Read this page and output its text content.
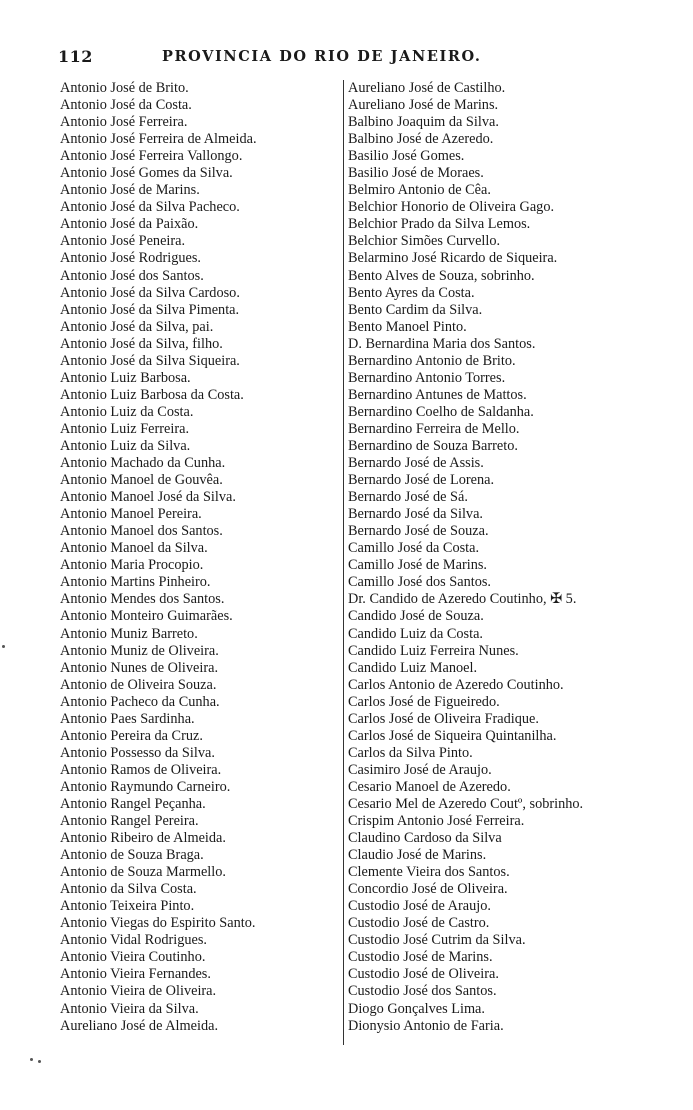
112	PROVINCIA DO RIO DE JANEIRO.
Antonio José de Brito.
Antonio José da Costa.
Antonio José Ferreira.
Antonio José Ferreira de Almeida.
Antonio José Ferreira Vallongo.
Antonio José Gomes da Silva.
Antonio José de Marins.
Antonio José da Silva Pacheco.
Antonio José da Paixão.
Antonio José Peneira.
Antonio José Rodrigues.
Antonio José dos Santos.
Antonio José da Silva Cardoso.
Antonio José da Silva Pimenta.
Antonio José da Silva, pai.
Antonio José da Silva, filho.
Antonio José da Silva Siqueira.
Antonio Luiz Barbosa.
Antonio Luiz Barbosa da Costa.
Antonio Luiz da Costa.
Antonio Luiz Ferreira.
Antonio Luiz da Silva.
Antonio Machado da Cunha.
Antonio Manoel de Gouvêa.
Antonio Manoel José da Silva.
Antonio Manoel Pereira.
Antonio Manoel dos Santos.
Antonio Manoel da Silva.
Antonio Maria Procopio.
Antonio Martins Pinheiro.
Antonio Mendes dos Santos.
Antonio Monteiro Guimarães.
Antonio Muniz Barreto.
Antonio Muniz de Oliveira.
Antonio Nunes de Oliveira.
Antonio de Oliveira Souza.
Antonio Pacheco da Cunha.
Antonio Paes Sardinha.
Antonio Pereira da Cruz.
Antonio Possesso da Silva.
Antonio Ramos de Oliveira.
Antonio Raymundo Carneiro.
Antonio Rangel Peçanha.
Antonio Rangel Pereira.
Antonio Ribeiro de Almeida.
Antonio de Souza Braga.
Antonio de Souza Marmello.
Antonio da Silva Costa.
Antonio Teixeira Pinto.
Antonio Viegas do Espirito Santo.
Antonio Vidal Rodrigues.
Antonio Vieira Coutinho.
Antonio Vieira Fernandes.
Antonio Vieira de Oliveira.
Antonio Vieira da Silva.
Aureliano José de Almeida.
Aureliano José de Castilho.
Aureliano José de Marins.
Balbino Joaquim da Silva.
Balbino José de Azeredo.
Basilio José Gomes.
Basilio José de Moraes.
Belmiro Antonio de Cêa.
Belchior Honorio de Oliveira Gago.
Belchior Prado da Silva Lemos.
Belchior Simões Curvello.
Belarmino José Ricardo de Siqueira.
Bento Alves de Souza, sobrinho.
Bento Ayres da Costa.
Bento Cardim da Silva.
Bento Manoel Pinto.
D. Bernardina Maria dos Santos.
Bernardino Antonio de Brito.
Bernardino Antonio Torres.
Bernardino Antunes de Mattos.
Bernardino Coelho de Saldanha.
Bernardino Ferreira de Mello.
Bernardino de Souza Barreto.
Bernardo José de Assis.
Bernardo José de Lorena.
Bernardo José de Sá.
Bernardo José da Silva.
Bernardo José de Souza.
Camillo José da Costa.
Camillo José de Marins.
Camillo José dos Santos.
Dr. Candido de Azeredo Coutinho, ✠ 5.
Candido José de Souza.
Candido Luiz da Costa.
Candido Luiz Ferreira Nunes.
Candido Luiz Manoel.
Carlos Antonio de Azeredo Coutinho.
Carlos José de Figueiredo.
Carlos José de Oliveira Fradique.
Carlos José de Siqueira Quintanilha.
Carlos da Silva Pinto.
Casimiro José de Araujo.
Cesario Manoel de Azeredo.
Cesario Mel de Azeredo Coutº, sobrinho.
Crispim Antonio José Ferreira.
Claudino Cardoso da Silva
Claudio José de Marins.
Clemente Vieira dos Santos.
Concordio José de Oliveira.
Custodio José de Araujo.
Custodio José de Castro.
Custodio José Cutrim da Silva.
Custodio José de Marins.
Custodio José de Oliveira.
Custodio José dos Santos.
Diogo Gonçalves Lima.
Dionysio Antonio de Faria.
